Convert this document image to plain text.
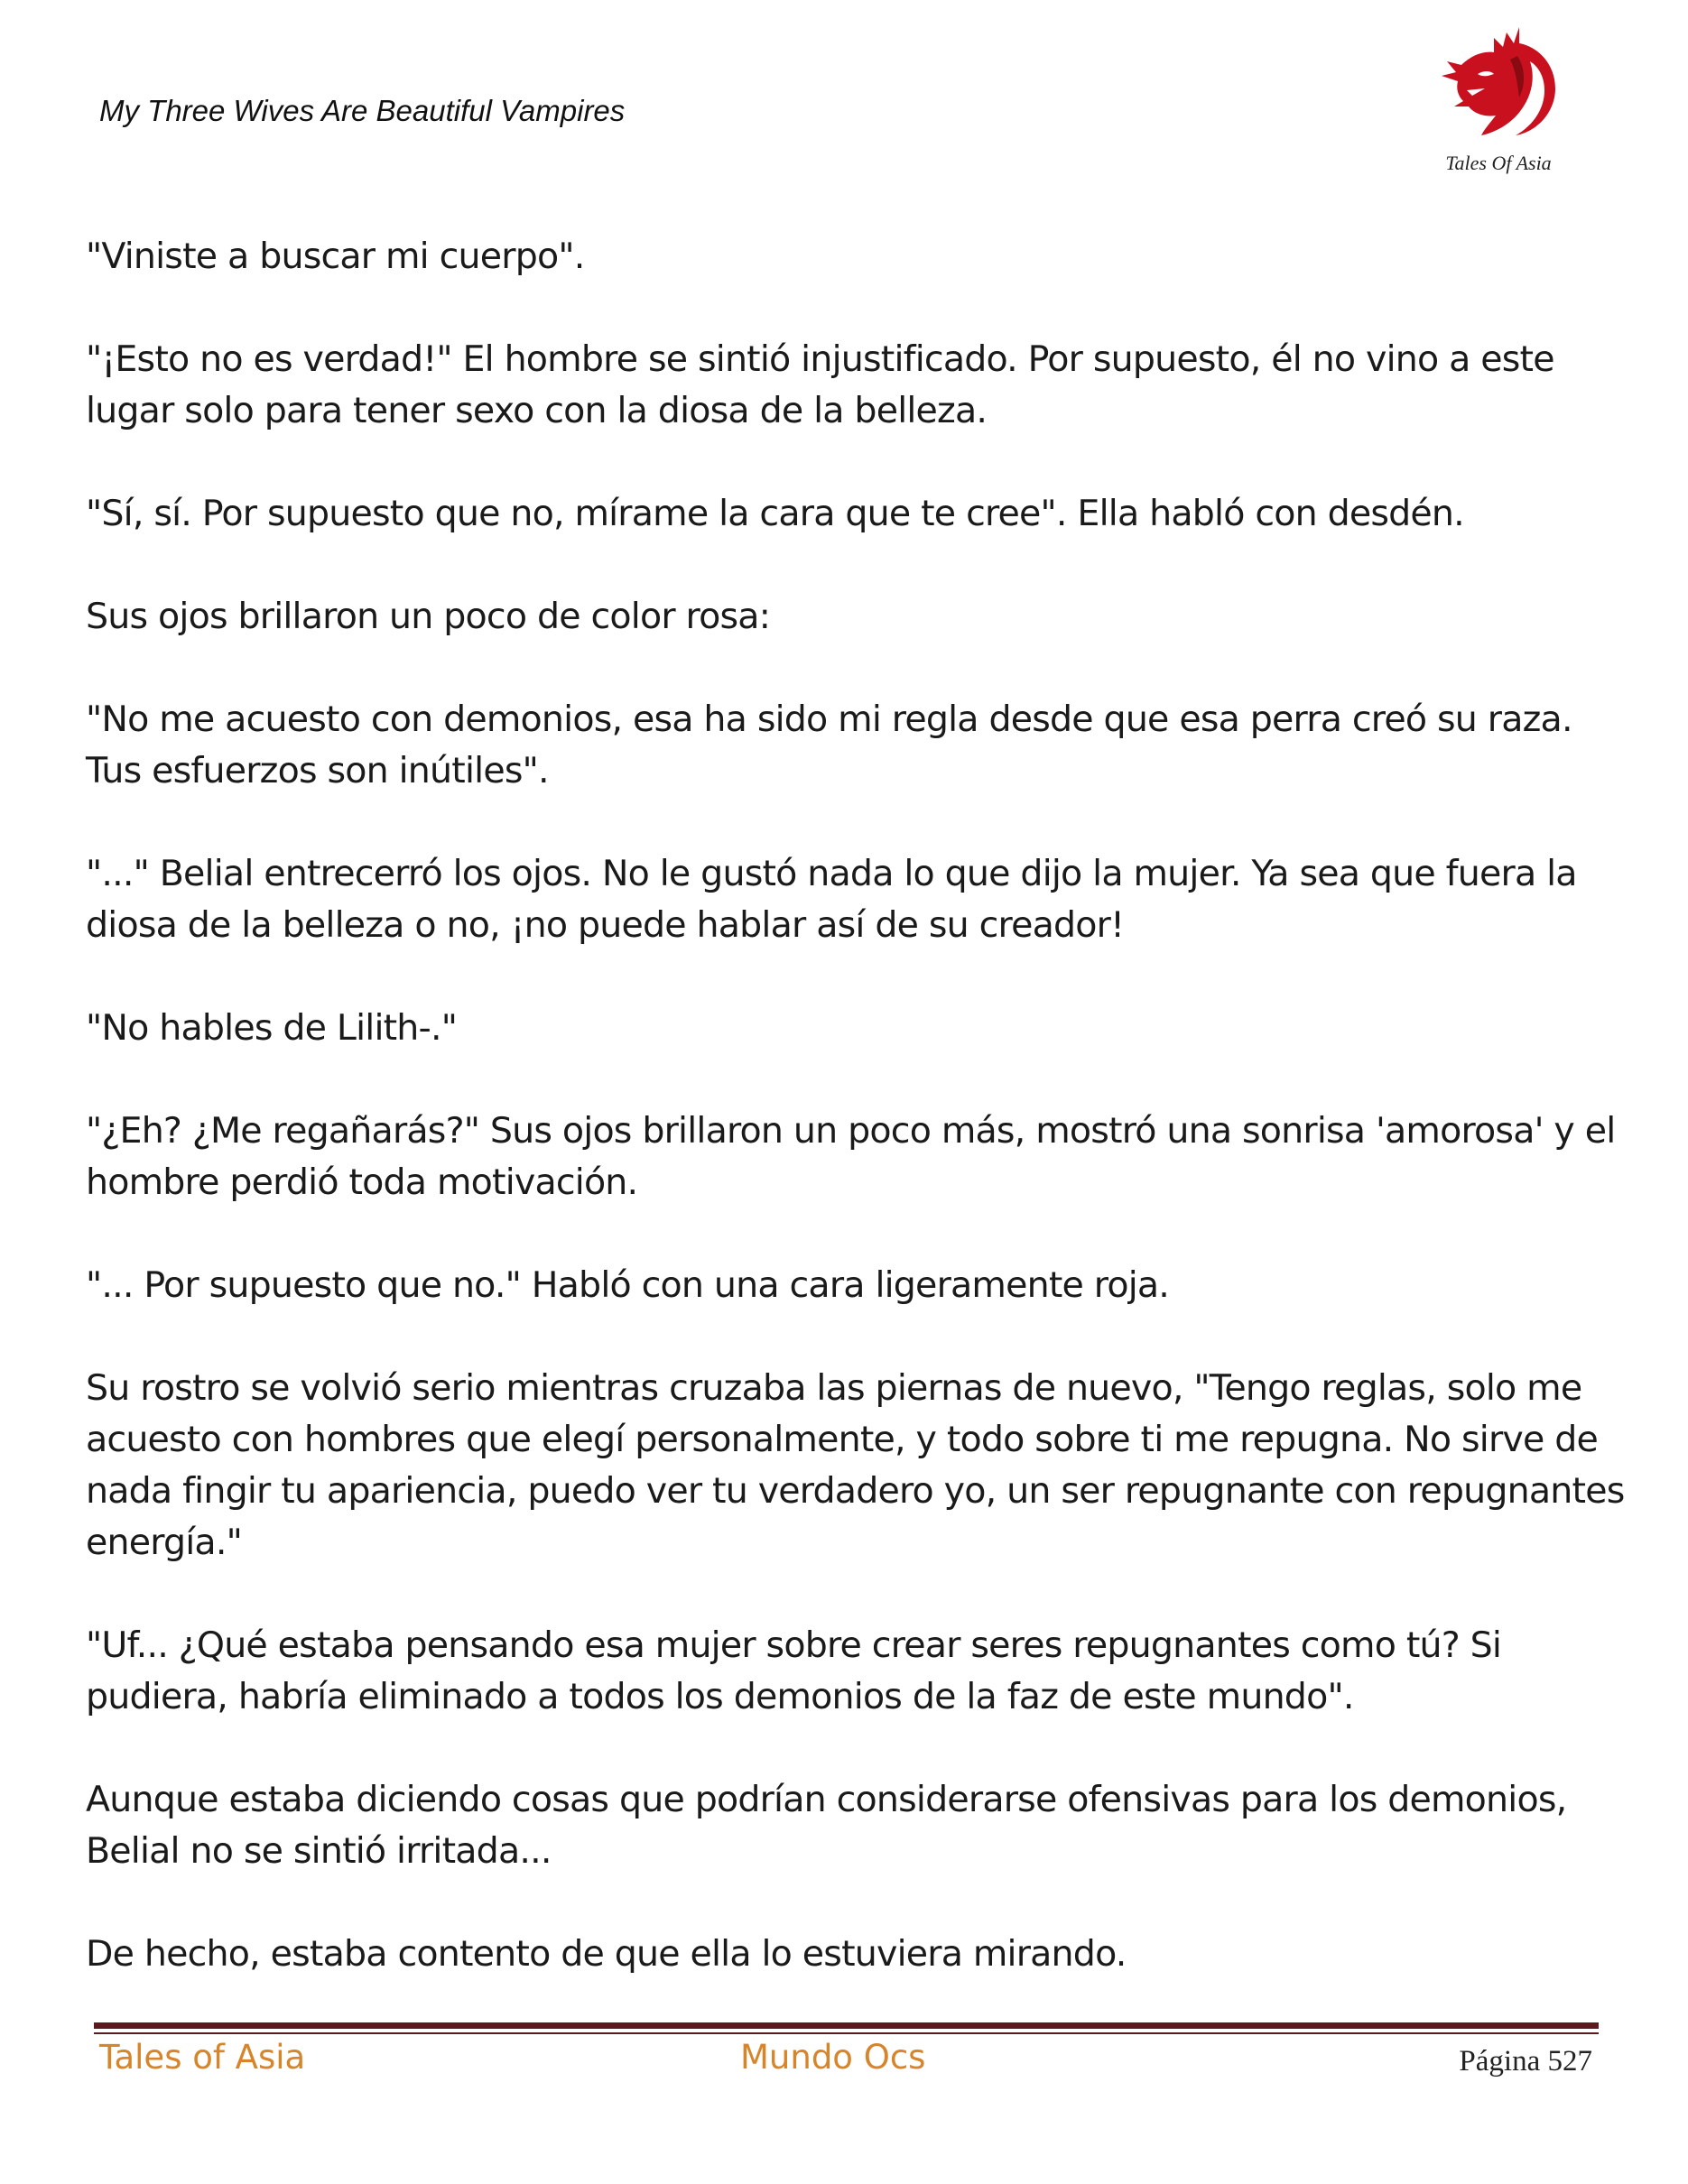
My Three Wives Are Beautiful Vampires
Tales Of Asia

"Viniste a buscar mi cuerpo".

"¡Esto no es verdad!" El hombre se sintió injustificado. Por supuesto, él no vino a este
lugar solo para tener sexo con la diosa de la belleza.

"Sí, sí. Por supuesto que no, mírame la cara que te cree". Ella habló con desdén.

Sus ojos brillaron un poco de color rosa:

"No me acuesto con demonios, esa ha sido mi regla desde que esa perra creó su raza.
Tus esfuerzos son inútiles".

"..." Belial entrecerró los ojos. No le gustó nada lo que dijo la mujer. Ya sea que fuera la
diosa de la belleza o no, ¡no puede hablar así de su creador!

"No hables de Lilith-."

"¿Eh? ¿Me regañarás?" Sus ojos brillaron un poco más, mostró una sonrisa 'amorosa' y el
hombre perdió toda motivación.

"... Por supuesto que no." Habló con una cara ligeramente roja.

Su rostro se volvió serio mientras cruzaba las piernas de nuevo, "Tengo reglas, solo me
acuesto con hombres que elegí personalmente, y todo sobre ti me repugna. No sirve de
nada fingir tu apariencia, puedo ver tu verdadero yo, un ser repugnante con repugnantes
energía."

"Uf... ¿Qué estaba pensando esa mujer sobre crear seres repugnantes como tú? Si
pudiera, habría eliminado a todos los demonios de la faz de este mundo".

Aunque estaba diciendo cosas que podrían considerarse ofensivas para los demonios,
Belial no se sintió irritada...

De hecho, estaba contento de que ella lo estuviera mirando.

Tales of Asia	Mundo Ocs	Página 527
